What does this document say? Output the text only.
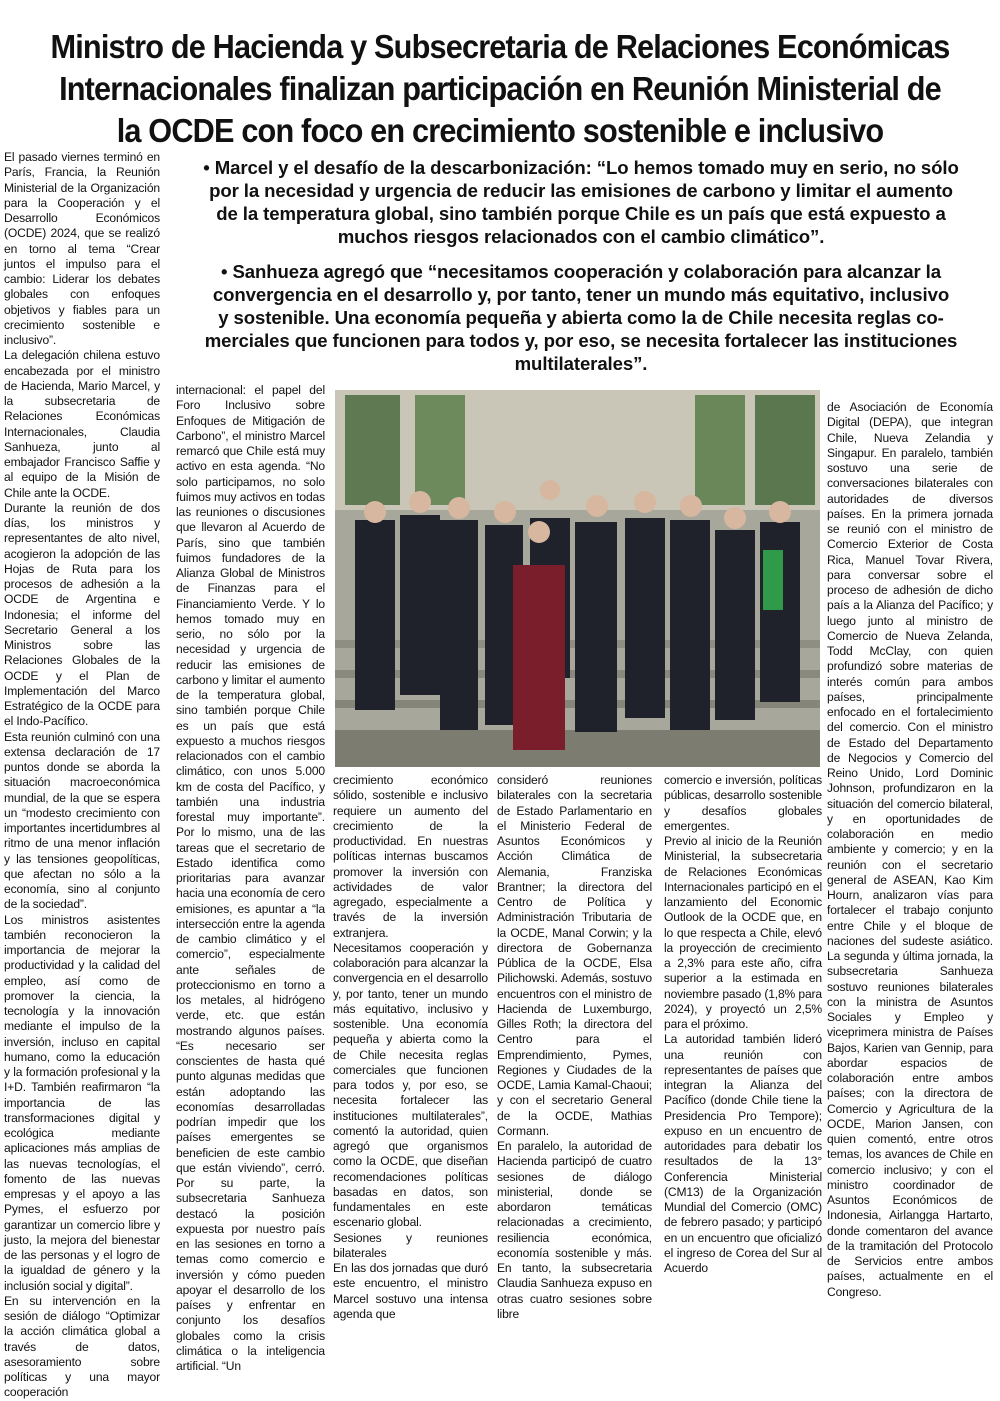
Ministro de Hacienda y Subsecretaria de Relaciones Económicas
Internacionales finalizan participación en Reunión Ministerial de
la OCDE con foco en crecimiento sostenible e inclusivo
• Marcel y el desafío de la descarbonización: “Lo hemos tomado muy en serio, no sólo
por la necesidad y urgencia de reducir las emisiones de carbono y limitar el aumento
de la temperatura global, sino también porque Chile es un país que está expuesto a
muchos riesgos relacionados con el cambio climático”.
• Sanhueza agregó que “necesitamos cooperación y colaboración para alcanzar la
convergencia en el desarrollo y, por tanto, tener un mundo más equitativo, inclusivo
y sostenible. Una economía pequeña y abierta como la de Chile necesita reglas co-
merciales que funcionen para todos y, por eso, se necesita fortalecer las instituciones
multilaterales”.

El pasado viernes terminó en París, Francia, la Reunión Ministerial de la Organización para la Cooperación y el Desarrollo Económicos (OCDE) 2024, que se realizó en torno al tema “Crear juntos el impulso para el cambio: Liderar los debates globales con enfoques objetivos y fiables para un crecimiento sostenible e inclusivo”.

La delegación chilena estuvo encabezada por el ministro de Hacienda, Mario Marcel, y la subsecretaria de Relaciones Económicas Internacionales, Claudia Sanhueza, junto al embajador Francisco Saffie y al equipo de la Misión de Chile ante la OCDE.

Durante la reunión de dos días, los ministros y representantes de alto nivel, acogieron la adopción de las Hojas de Ruta para los procesos de adhesión a la OCDE de Argentina e Indonesia; el informe del Secretario General a los Ministros sobre las Relaciones Globales de la OCDE y el Plan de Implementación del Marco Estratégico de la OCDE para el Indo-Pacífico.

Esta reunión culminó con una extensa declaración de 17 puntos donde se aborda la situación macroeconómica mundial, de la que se espera un “modesto crecimiento con importantes incertidumbres al ritmo de una menor inflación y las tensiones geopolíticas, que afectan no sólo a la economía, sino al conjunto de la sociedad”.

Los ministros asistentes también reconocieron la importancia de mejorar la productividad y la calidad del empleo, así como de promover la ciencia, la tecnología y la innovación mediante el impulso de la inversión, incluso en capital humano, como la educación y la formación profesional y la I+D. También reafirmaron “la importancia de las transformaciones digital y ecológica mediante aplicaciones más amplias de las nuevas tecnologías, el fomento de las nuevas empresas y el apoyo a las Pymes, el esfuerzo por garantizar un comercio libre y justo, la mejora del bienestar de las personas y el logro de la igualdad de género y la inclusión social y digital”.

En su intervención en la sesión de diálogo “Optimizar la acción climática global a través de datos, asesoramiento sobre políticas y una mayor cooperación

internacional: el papel del Foro Inclusivo sobre Enfoques de Mitigación de Carbono”, el ministro Marcel remarcó que Chile está muy activo en esta agenda. “No solo participamos, no solo fuimos muy activos en todas las reuniones o discusiones que llevaron al Acuerdo de París, sino que también fuimos fundadores de la Alianza Global de Ministros de Finanzas para el Financiamiento Verde. Y lo hemos tomado muy en serio, no sólo por la necesidad y urgencia de reducir las emisiones de carbono y limitar el aumento de la temperatura global, sino también porque Chile es un país que está expuesto a muchos riesgos relacionados con el cambio climático, con unos 5.000 km de costa del Pacífico, y también una industria forestal muy importante”. Por lo mismo, una de las tareas que el secretario de Estado identifica como prioritarias para avanzar hacia una economía de cero emisiones, es apuntar a “la intersección entre la agenda de cambio climático y el comercio”, especialmente ante señales de proteccionismo en torno a los metales, al hidrógeno verde, etc. que están mostrando algunos países. “Es necesario ser conscientes de hasta qué punto algunas medidas que están adoptando las economías desarrolladas podrían impedir que los países emergentes se beneficien de este cambio que están viviendo”, cerró. Por su parte, la subsecretaria Sanhueza destacó la posición expuesta por nuestro país en las sesiones en torno a temas como comercio e inversión y cómo pueden apoyar el desarrollo de los países y enfrentar en conjunto los desafíos globales como la crisis climática o la inteligencia artificial. “Un

crecimiento económico sólido, sostenible e inclusivo requiere un aumento del crecimiento de la productividad. En nuestras políticas internas buscamos promover la inversión con actividades de valor agregado, especialmente a través de la inversión extranjera.

Necesitamos cooperación y colaboración para alcanzar la convergencia en el desarrollo y, por tanto, tener un mundo más equitativo, inclusivo y sostenible. Una economía pequeña y abierta como la de Chile necesita reglas comerciales que funcionen para todos y, por eso, se necesita fortalecer las instituciones multilaterales”, comentó la autoridad, quien agregó que organismos como la OCDE, que diseñan recomendaciones políticas basadas en datos, son fundamentales en este escenario global.

Sesiones y reuniones bilaterales

En las dos jornadas que duró este encuentro, el ministro Marcel sostuvo una intensa agenda que

consideró reuniones bilaterales con la secretaria de Estado Parlamentario en el Ministerio Federal de Asuntos Económicos y Acción Climática de Alemania, Franziska Brantner; la directora del Centro de Política y Administración Tributaria de la OCDE, Manal Corwin; y la directora de Gobernanza Pública de la OCDE, Elsa Pilichowski. Además, sostuvo encuentros con el ministro de Hacienda de Luxemburgo, Gilles Roth; la directora del Centro para el Emprendimiento, Pymes, Regiones y Ciudades de la OCDE, Lamia Kamal-Chaoui; y con el secretario General de la OCDE, Mathias Cormann.

En paralelo, la autoridad de Hacienda participó de cuatro sesiones de diálogo ministerial, donde se abordaron temáticas relacionadas a crecimiento, resiliencia económica, economía sostenible y más. En tanto, la subsecretaria Claudia Sanhueza expuso en otras cuatro sesiones sobre libre

comercio e inversión, políticas públicas, desarrollo sostenible y desafíos globales emergentes.

Previo al inicio de la Reunión Ministerial, la subsecretaria de Relaciones Económicas Internacionales participó en el lanzamiento del Economic Outlook de la OCDE que, en lo que respecta a Chile, elevó la proyección de crecimiento a 2,3% para este año, cifra superior a la estimada en noviembre pasado (1,8% para 2024), y proyectó un 2,5% para el próximo.

La autoridad también lideró una reunión con representantes de países que integran la Alianza del Pacífico (donde Chile tiene la Presidencia Pro Tempore); expuso en un encuentro de autoridades para debatir los resultados de la 13° Conferencia Ministerial (CM13) de la Organización Mundial del Comercio (OMC) de febrero pasado; y participó en un encuentro que oficializó el ingreso de Corea del Sur al Acuerdo

de Asociación de Economía Digital (DEPA), que integran Chile, Nueva Zelandia y Singapur. En paralelo, también sostuvo una serie de conversaciones bilaterales con autoridades de diversos países. En la primera jornada se reunió con el ministro de Comercio Exterior de Costa Rica, Manuel Tovar Rivera, para conversar sobre el proceso de adhesión de dicho país a la Alianza del Pacífico; y luego junto al ministro de Comercio de Nueva Zelanda, Todd McClay, con quien profundizó sobre materias de interés común para ambos países, principalmente enfocado en el fortalecimiento del comercio. Con el ministro de Estado del Departamento de Negocios y Comercio del Reino Unido, Lord Dominic Johnson, profundizaron en la situación del comercio bilateral, y en oportunidades de colaboración en medio ambiente y comercio; y en la reunión con el secretario general de ASEAN, Kao Kim Hourn, analizaron vías para fortalecer el trabajo conjunto entre Chile y el bloque de naciones del sudeste asiático. La segunda y última jornada, la subsecretaria Sanhueza sostuvo reuniones bilaterales con la ministra de Asuntos Sociales y Empleo y viceprimera ministra de Países Bajos, Karien van Gennip, para abordar espacios de colaboración entre ambos países; con la directora de Comercio y Agricultura de la OCDE, Marion Jansen, con quien comentó, entre otros temas, los avances de Chile en comercio inclusivo; y con el ministro coordinador de Asuntos Económicos de Indonesia, Airlangga Hartarto, donde comentaron del avance de la tramitación del Protocolo de Servicios entre ambos países, actualmente en el Congreso.
